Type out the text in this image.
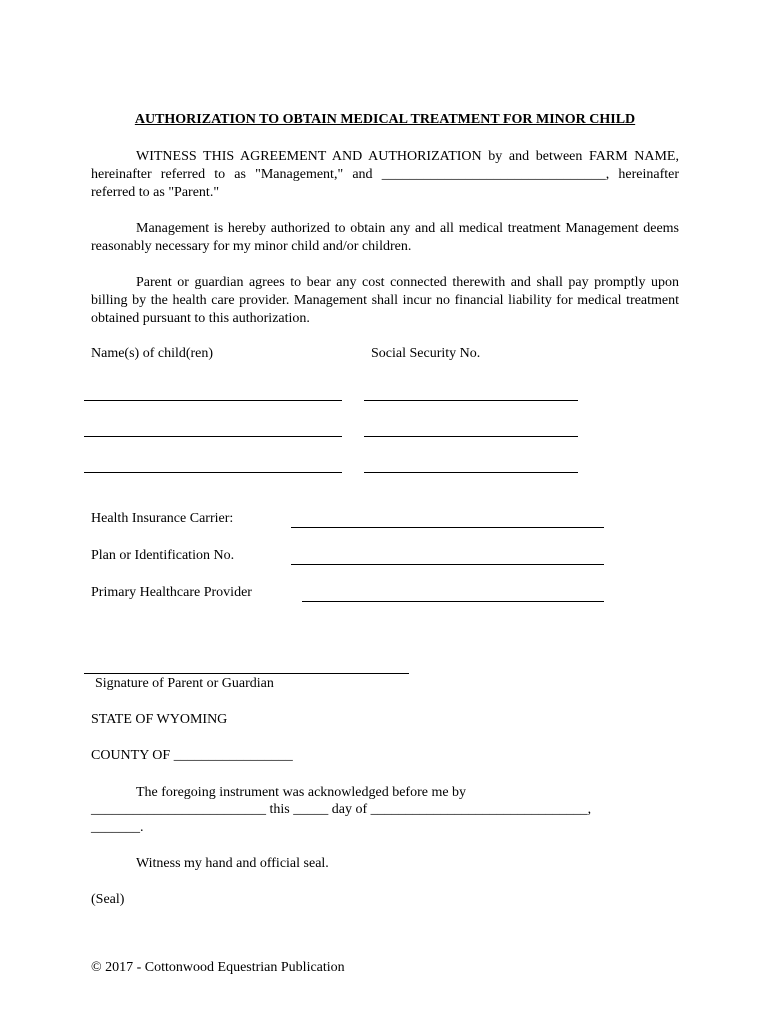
AUTHORIZATION TO OBTAIN MEDICAL TREATMENT FOR MINOR CHILD
WITNESS THIS AGREEMENT AND AUTHORIZATION by and between FARM NAME, hereinafter referred to as "Management," and ________________________________, hereinafter referred to as "Parent."
Management is hereby authorized to obtain any and all medical treatment Management deems reasonably necessary for my minor child and/or children.
Parent or guardian agrees to bear any cost connected therewith and shall pay promptly upon billing by the health care provider. Management shall incur no financial liability for medical treatment obtained pursuant to this authorization.
Name(s) of child(ren)	Social Security No.
Health Insurance Carrier:
Plan or Identification No.
Primary Healthcare Provider
Signature of Parent or Guardian
STATE OF WYOMING
COUNTY OF _________________
The foregoing instrument was acknowledged before me by
_________________________ this _____ day of _______________________________,
_______.
Witness my hand and official seal.
(Seal)
© 2017 - Cottonwood Equestrian Publication
